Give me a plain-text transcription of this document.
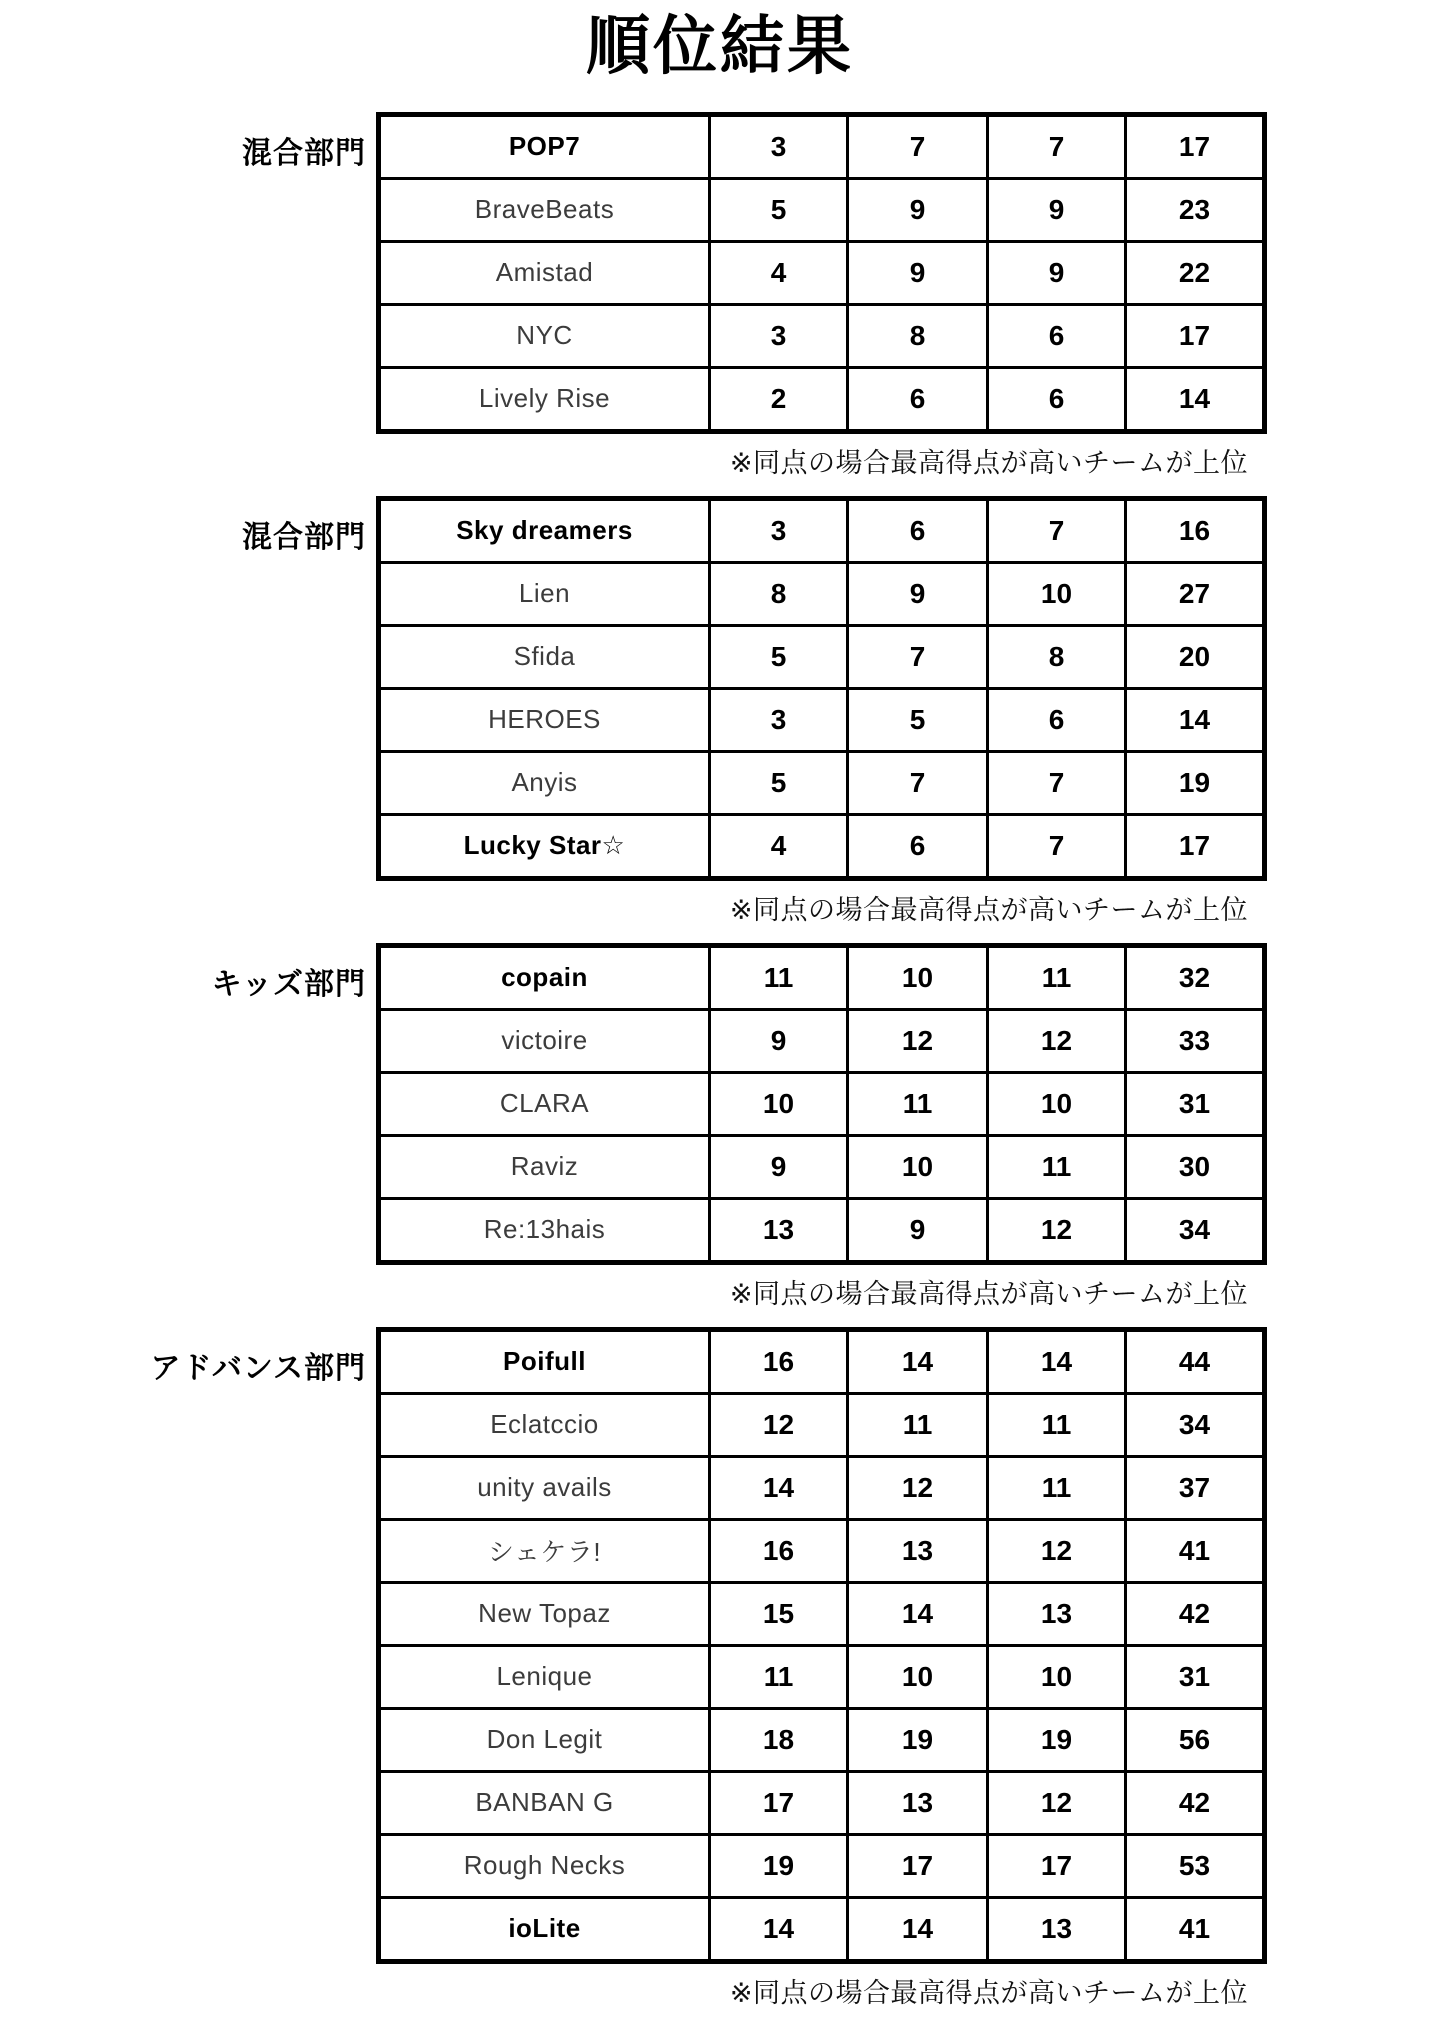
順位結果
混合部門	POP7	3	7	7	17
BraveBeats	5	9	9	23
Amistad	4	9	9	22
NYC	3	8	6	17
Lively Rise	2	6	6	14
※同点の場合最高得点が高いチームが上位
混合部門	Sky dreamers	3	6	7	16
Lien	8	9	10	27
Sfida	5	7	8	20
HEROES	3	5	6	14
Anyis	5	7	7	19
Lucky Star☆	4	6	7	17
※同点の場合最高得点が高いチームが上位
キッズ部門	copain	11	10	11	32
victoire	9	12	12	33
CLARA	10	11	10	31
Raviz	9	10	11	30
Re:13hais	13	9	12	34
※同点の場合最高得点が高いチームが上位
アドバンス部門	Poifull	16	14	14	44
Eclatccio	12	11	11	34
unity avails	14	12	11	37
シェケラ!	16	13	12	41
New Topaz	15	14	13	42
Lenique	11	10	10	31
Don Legit	18	19	19	56
BANBAN G	17	13	12	42
Rough Necks	19	17	17	53
ioLite	14	14	13	41
※同点の場合最高得点が高いチームが上位
